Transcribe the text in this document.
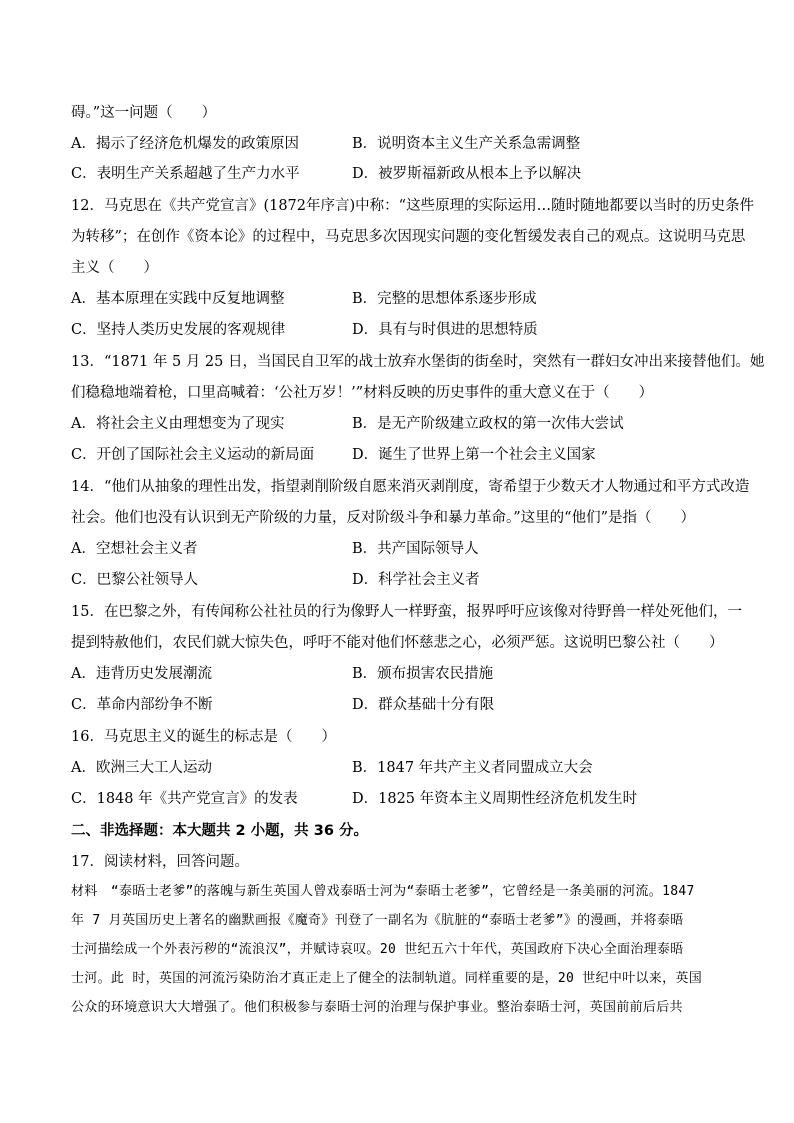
碍。”这一问题（　　）
A．揭示了经济危机爆发的政策原因	B．说明资本主义生产关系急需调整
C．表明生产关系超越了生产力水平	D．被罗斯福新政从根本上予以解决
12．马克思在《共产党宣言》(1872年序言)中称：“这些原理的实际运用…随时随地都要以当时的历史条件
为转移”；在创作《资本论》的过程中，马克思多次因现实问题的变化暂缓发表自己的观点。这说明马克思
主义（　　）
A．基本原理在实践中反复地调整	B．完整的思想体系逐步形成
C．坚持人类历史发展的客观规律	D．具有与时俱进的思想特质
13．“1871 年 5 月 25 日，当国民自卫军的战士放弃水堡街的街垒时，突然有一群妇女冲出来接替他们。她
们稳稳地端着枪，口里高喊着：‘公社万岁！’”材料反映的历史事件的重大意义在于（　　）
A．将社会主义由理想变为了现实	B．是无产阶级建立政权的第一次伟大尝试
C．开创了国际社会主义运动的新局面	D．诞生了世界上第一个社会主义国家
14．“他们从抽象的理性出发，指望剥削阶级自愿来消灭剥削度，寄希望于少数天才人物通过和平方式改造
社会。他们也没有认识到无产阶级的力量，反对阶级斗争和暴力革命。”这里的“他们”是指（　　）
A．空想社会主义者	B．共产国际领导人
C．巴黎公社领导人	D．科学社会主义者
15．在巴黎之外，有传闻称公社社员的行为像野人一样野蛮，报界呼吁应该像对待野兽一样处死他们，一
提到特赦他们，农民们就大惊失色，呼吁不能对他们怀慈悲之心，必须严惩。这说明巴黎公社（　　）
A．违背历史发展潮流	B．颁布损害农民措施
C．革命内部纷争不断	D．群众基础十分有限
16．马克思主义的诞生的标志是（　　）
A．欧洲三大工人运动	B．1847 年共产主义者同盟成立大会
C．1848 年《共产党宣言》的发表	D．1825 年资本主义周期性经济危机发生时
二、非选择题：本大题共 2 小题，共 36 分。
17．阅读材料，回答问题。
材料　“泰晤士老爹”的落魄与新生英国人曾戏泰晤士河为“泰晤士老爹”，它曾经是一条美丽的河流。1847
年 7 月英国历史上著名的幽默画报《魔奇》刊登了一副名为《肮脏的“泰晤士老爹”》的漫画，并将泰晤
士河描绘成一个外表污秽的“流浪汉”，并赋诗哀叹。20 世纪五六十年代，英国政府下决心全面治理泰晤
士河。此 时，英国的河流污染防治才真正走上了健全的法制轨道。同样重要的是，20 世纪中叶以来，英国
公众的环境意识大大增强了。他们积极参与泰晤士河的治理与保护事业。整治泰晤士河，英国前前后后共
